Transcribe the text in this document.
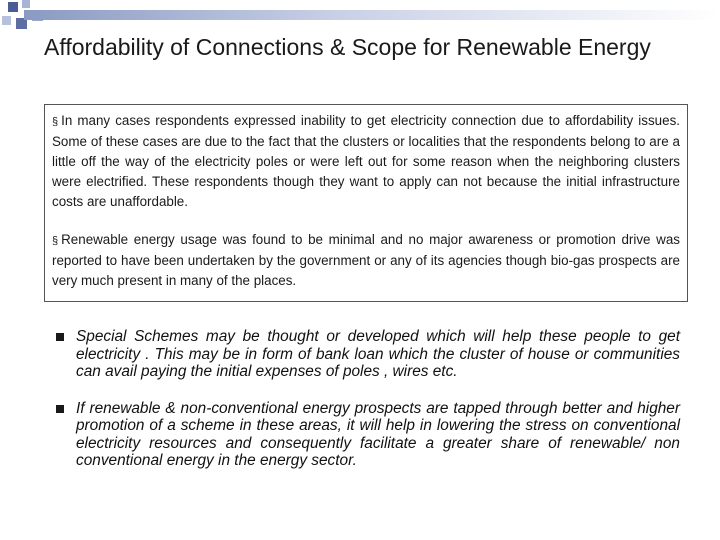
Affordability of Connections & Scope for Renewable Energy

§ In many cases respondents expressed inability to get electricity connection due to affordability issues. Some of these cases are due to the fact that the clusters or localities that the respondents belong to are a little off the way of the electricity poles or were left out for some reason when the neighboring clusters were electrified. These respondents though they want to apply can not because the initial infrastructure costs are unaffordable.

§ Renewable energy usage was found to be minimal and no major awareness or promotion drive was reported to have been undertaken by the government or any of its agencies though bio-gas prospects are very much present in many of the places.

Special Schemes may be thought or developed which will help these people to get electricity . This may be in form of bank loan which the cluster of house or communities can avail paying the initial expenses of poles , wires etc.
If renewable & non-conventional energy prospects are tapped through better and higher promotion of a scheme in these areas, it will help in lowering the stress on conventional electricity resources and consequently facilitate a greater share of renewable/ non conventional energy in the energy sector.
